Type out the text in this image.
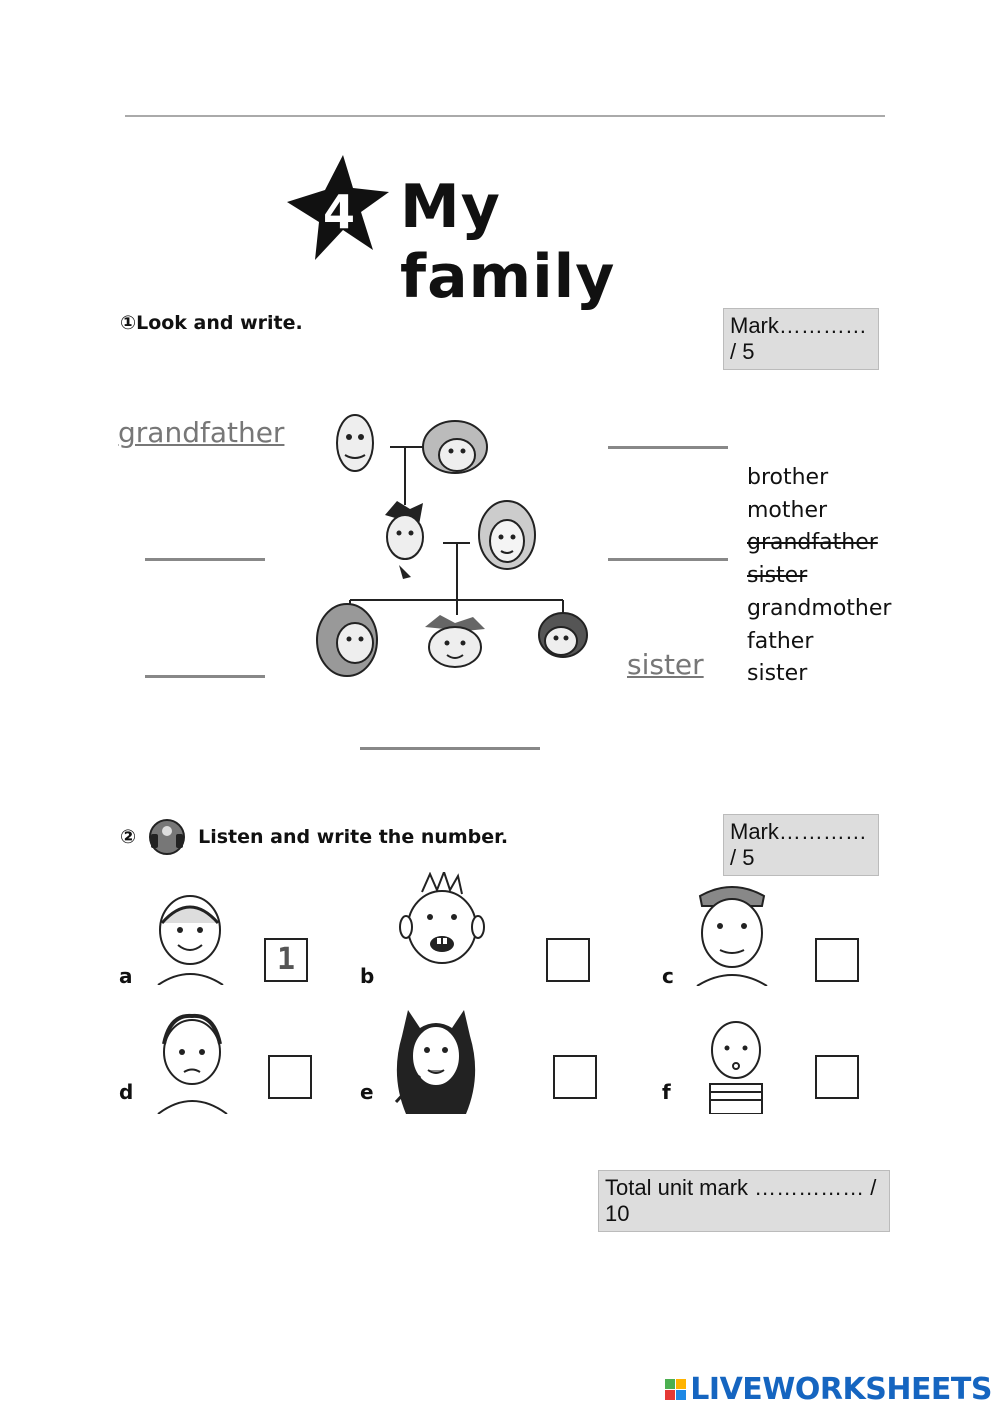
4 My family
①Look and write.	Mark………… / 5
grandfather
sister
brother
mother
grandfather
sister
grandmother
father
sister
②	Listen and write the number.	Mark………… / 5
a	1	b	c
d	e	f
Total unit mark …………… / 10
LIVEWORKSHEETS
